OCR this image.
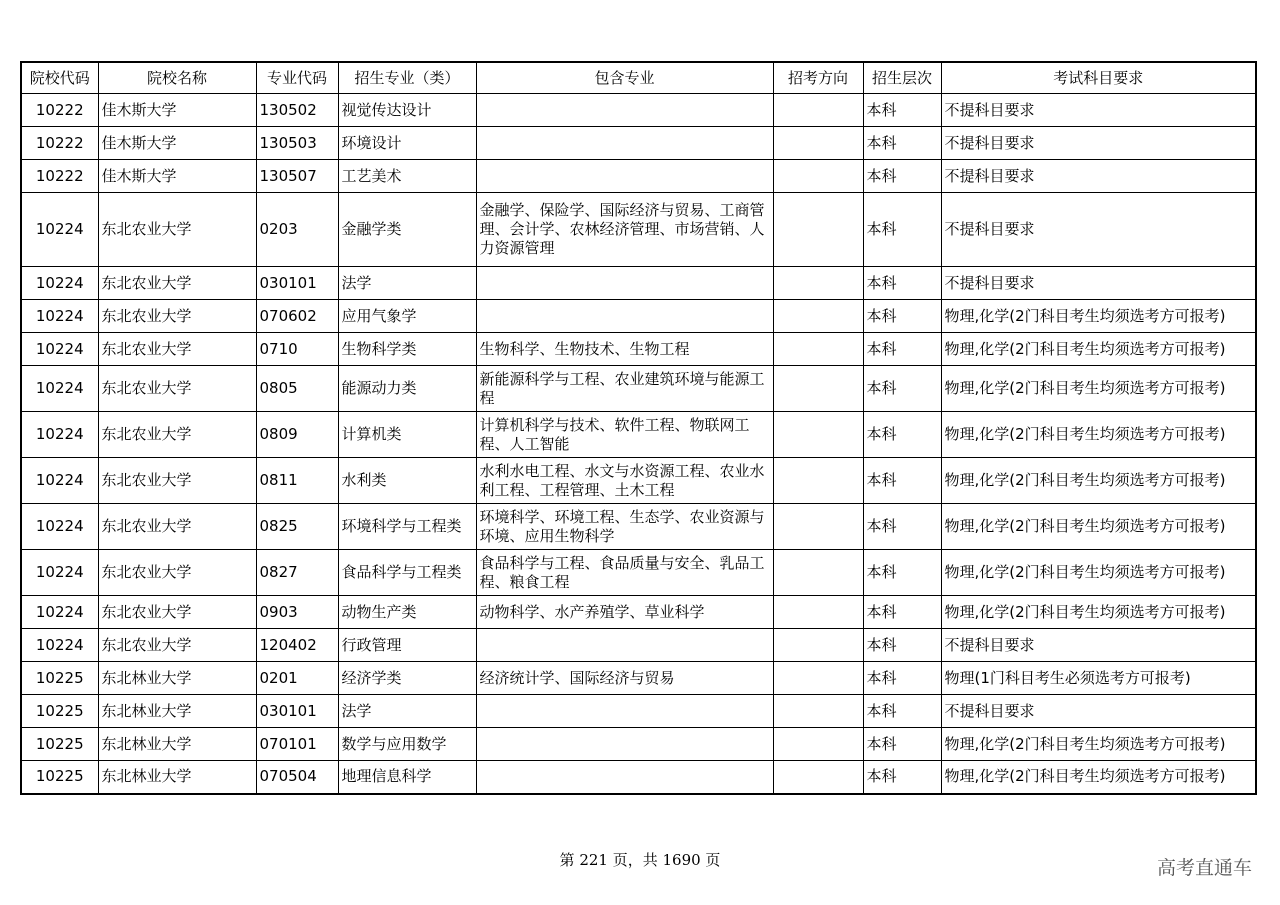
院校代码	院校名称	专业代码	招生专业（类）	包含专业	招考方向	招生层次	考试科目要求
10222	佳木斯大学	130502	视觉传达设计			本科	不提科目要求
10222	佳木斯大学	130503	环境设计			本科	不提科目要求
10222	佳木斯大学	130507	工艺美术			本科	不提科目要求
10224	东北农业大学	0203	金融学类	金融学、保险学、国际经济与贸易、工商管理、会计学、农林经济管理、市场营销、人力资源管理		本科	不提科目要求
10224	东北农业大学	030101	法学			本科	不提科目要求
10224	东北农业大学	070602	应用气象学			本科	物理,化学(2门科目考生均须选考方可报考)
10224	东北农业大学	0710	生物科学类	生物科学、生物技术、生物工程		本科	物理,化学(2门科目考生均须选考方可报考)
10224	东北农业大学	0805	能源动力类	新能源科学与工程、农业建筑环境与能源工程		本科	物理,化学(2门科目考生均须选考方可报考)
10224	东北农业大学	0809	计算机类	计算机科学与技术、软件工程、物联网工程、人工智能		本科	物理,化学(2门科目考生均须选考方可报考)
10224	东北农业大学	0811	水利类	水利水电工程、水文与水资源工程、农业水利工程、工程管理、土木工程		本科	物理,化学(2门科目考生均须选考方可报考)
10224	东北农业大学	0825	环境科学与工程类	环境科学、环境工程、生态学、农业资源与环境、应用生物科学		本科	物理,化学(2门科目考生均须选考方可报考)
10224	东北农业大学	0827	食品科学与工程类	食品科学与工程、食品质量与安全、乳品工程、粮食工程		本科	物理,化学(2门科目考生均须选考方可报考)
10224	东北农业大学	0903	动物生产类	动物科学、水产养殖学、草业科学		本科	物理,化学(2门科目考生均须选考方可报考)
10224	东北农业大学	120402	行政管理			本科	不提科目要求
10225	东北林业大学	0201	经济学类	经济统计学、国际经济与贸易		本科	物理(1门科目考生必须选考方可报考)
10225	东北林业大学	030101	法学			本科	不提科目要求
10225	东北林业大学	070101	数学与应用数学			本科	物理,化学(2门科目考生均须选考方可报考)
10225	东北林业大学	070504	地理信息科学			本科	物理,化学(2门科目考生均须选考方可报考)
第 221 页，共 1690 页	高考直通车
